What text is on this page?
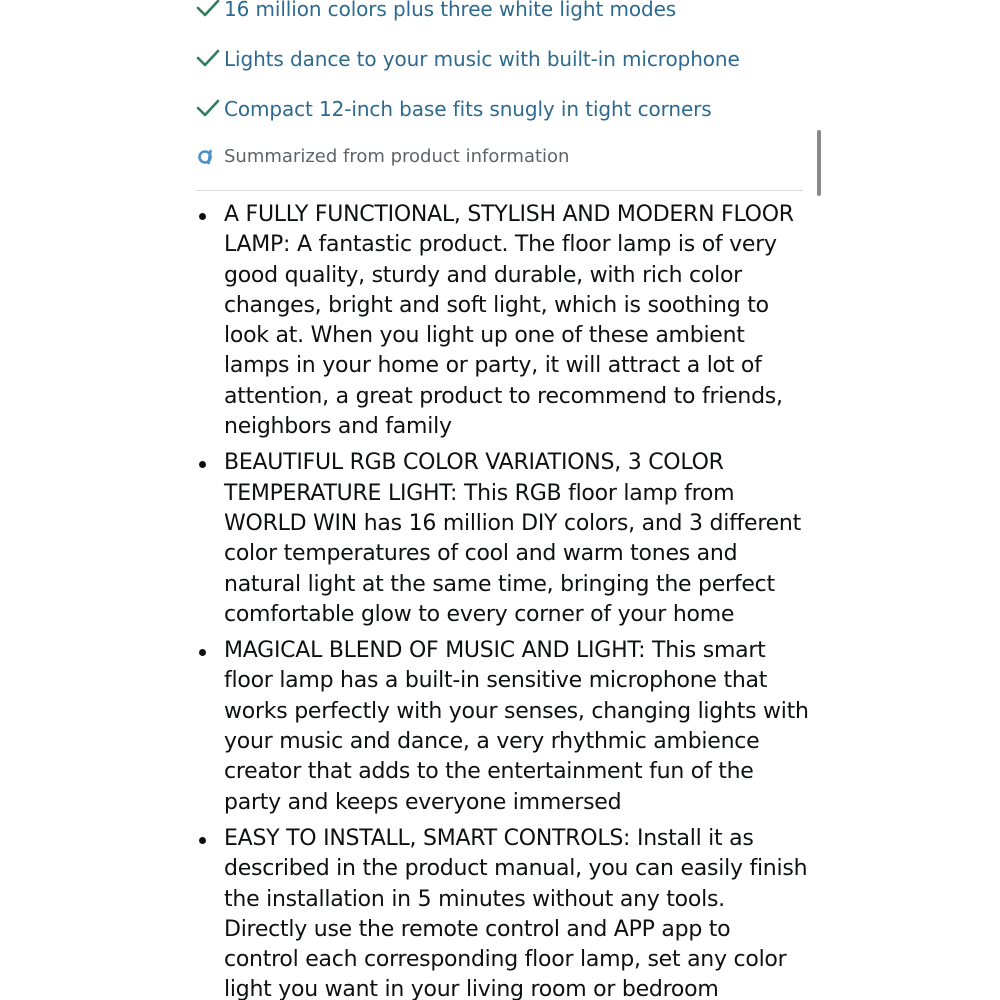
16 million colors plus three white light modes
Lights dance to your music with built-in microphone
Compact 12-inch base fits snugly in tight corners
Summarized from product information
A FULLY FUNCTIONAL, STYLISH AND MODERN FLOOR LAMP: A fantastic product. The floor lamp is of very good quality, sturdy and durable, with rich color changes, bright and soft light, which is soothing to look at. When you light up one of these ambient lamps in your home or party, it will attract a lot of attention, a great product to recommend to friends, neighbors and family
BEAUTIFUL RGB COLOR VARIATIONS, 3 COLOR TEMPERATURE LIGHT: This RGB floor lamp from WORLD WIN has 16 million DIY colors, and 3 different color temperatures of cool and warm tones and natural light at the same time, bringing the perfect comfortable glow to every corner of your home
MAGICAL BLEND OF MUSIC AND LIGHT: This smart floor lamp has a built-in sensitive microphone that works perfectly with your senses, changing lights with your music and dance, a very rhythmic ambience creator that adds to the entertainment fun of the party and keeps everyone immersed
EASY TO INSTALL, SMART CONTROLS: Install it as described in the product manual, you can easily finish the installation in 5 minutes without any tools. Directly use the remote control and APP app to control each corresponding floor lamp, set any color light you want in your living room or bedroom
